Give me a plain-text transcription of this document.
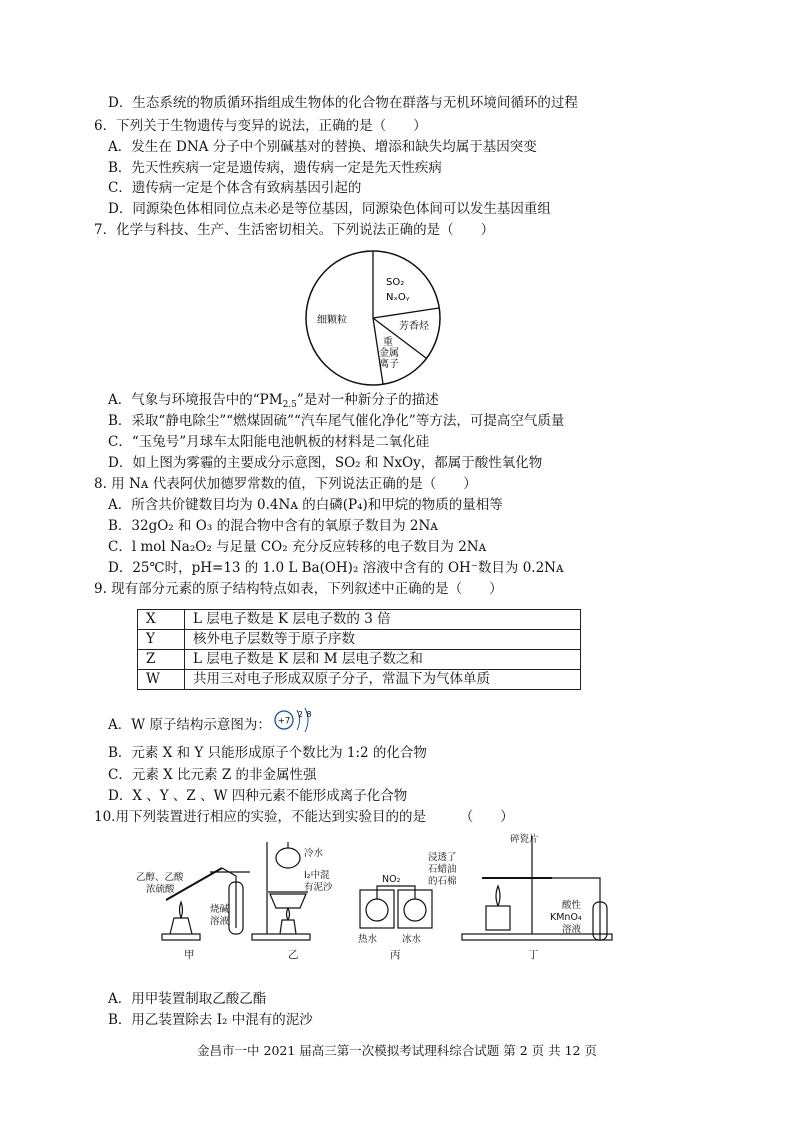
D．生态系统的物质循环指组成生物体的化合物在群落与无机环境间循环的过程
6．下列关于生物遗传与变异的说法，正确的是（　　）
A．发生在 DNA 分子中个别碱基对的替换、增添和缺失均属于基因突变
B．先天性疾病一定是遗传病，遗传病一定是先天性疾病
C．遗传病一定是个体含有致病基因引起的
D．同源染色体相同位点未必是等位基因，同源染色体间可以发生基因重组
7．化学与科技、生产、生活密切相关。下列说法正确的是（　　）
细颗粒
SO₂
NₓOᵧ
芳香烃
重
金属
离子
A．气象与环境报告中的“$PM_{2.5}$”是对一种新分子的描述
B．采取“静电除尘”“燃煤固硫”“汽车尾气催化净化”等方法，可提高空气质量
C．“玉兔号”月球车太阳能电池帆板的材料是二氧化硅
D．如上图为雾霾的主要成分示意图，SO₂ 和 NxOy，都属于酸性氧化物
8. 用 Nᴀ 代表阿伏加德罗常数的值，下列说法正确的是（　　）
A．所含共价键数目均为 0.4Nᴀ 的白磷(P₄)和甲烷的物质的量相等
B．32gO₂ 和 O₃ 的混合物中含有的氧原子数目为 2Nᴀ
C．l mol Na₂O₂ 与足量 CO₂ 充分反应转移的电子数目为 2Nᴀ
D．25℃时，pH=13 的 1.0 L Ba(OH)₂ 溶液中含有的 OH⁻数目为 0.2Nᴀ
9. 现有部分元素的原子结构特点如表，下列叙述中正确的是（　　）
X	L 层电子数是 K 层电子数的 3 倍
Y	核外电子层数等于原子序数
Z	L 层电子数是 K 层和 M 层电子数之和
W	共用三对电子形成双原子分子，常温下为气体单质
A．W 原子结构示意图为： +7
2 8
B．元素 X 和 Y 只能形成原子个数比为 1:2 的化合物
C．元素 X 比元素 Z 的非金属性强
D．X 、Y 、Z 、W 四种元素不能形成离子化合物
10.用下列装置进行相应的实验，不能达到实验目的的是　　　（　　）
乙醇、乙酸
浓硫酸
烧碱
溶液
甲
冷水
I₂中混
有泥沙
乙
NO₂
热水	冰水
丙
碎瓷片
浸透了
石蜡油
的石棉
酸性
KMnO₄
溶液
丁
A．用甲装置制取乙酸乙酯
B．用乙装置除去 I₂ 中混有的泥沙
金昌市一中 2021 届高三第一次模拟考试理科综合试题 第 2 页 共 12 页
